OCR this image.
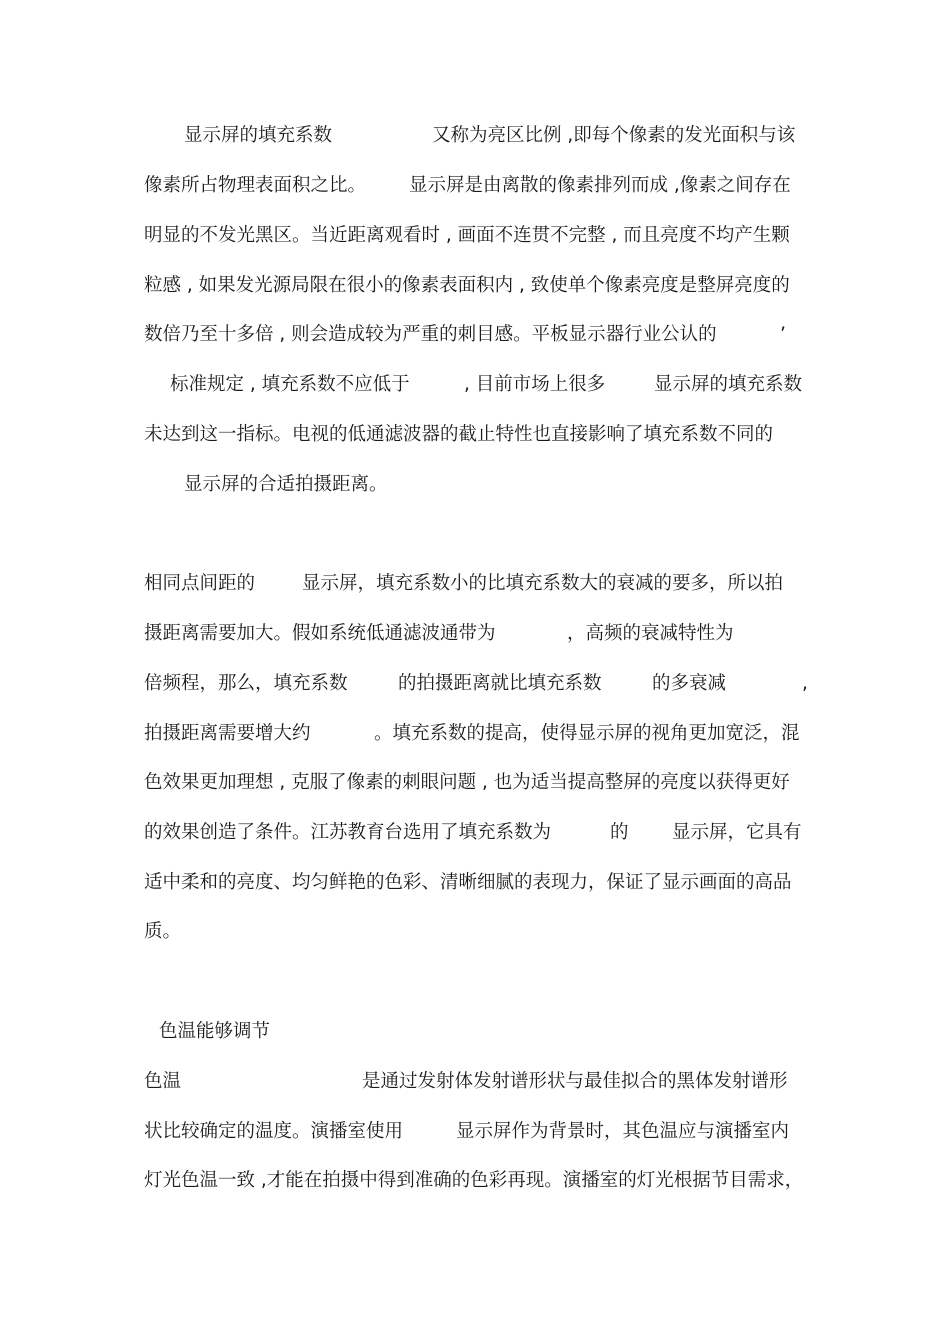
显示屏的填充系数	又称为亮区比例 ,即每个像素的发光面积与该
像素所占物理表面积之比。 显示屏是由离散的像素排列而成 ,像素之间存在
明显的不发光黑区。当近距离观看时 , 画面不连贯不完整 , 而且亮度不均产生颗
粒感 , 如果发光源局限在很小的像素表面积内 , 致使单个像素亮度是整屏亮度的
数倍乃至十多倍 , 则会造成较为严重的刺目感。平板显示器行业公认的	’
标准规定 , 填充系数不应低于	, 目前市场上很多	显示屏的填充系数
未达到这一指标。电视的低通滤波器的截止特性也直接影响了填充系数不同的
显示屏的合适拍摄距离。
相同点间距的	显示屏，填充系数小的比填充系数大的衰减的要多，所以拍
摄距离需要加大。假如系统低通滤波通带为	，高频的衰减特性为
倍频程，那么，填充系数	的拍摄距离就比填充系数	的多衰减	,
拍摄距离需要增大约	。填充系数的提高，使得显示屏的视角更加宽泛，混
色效果更加理想 , 克服了像素的刺眼问题 , 也为适当提高整屏的亮度以获得更好
的效果创造了条件。江苏教育台选用了填充系数为	的 显示屏，它具有
适中柔和的亮度、均匀鲜艳的色彩、清晰细腻的表现力，保证了显示画面的高品
质。
色温能够调节
色温	是通过发射体发射谱形状与最佳拟合的黑体发射谱形
状比较确定的温度。演播室使用	显示屏作为背景时，其色温应与演播室内
灯光色温一致 ,才能在拍摄中得到准确的色彩再现。演播室的灯光根据节目需求，
